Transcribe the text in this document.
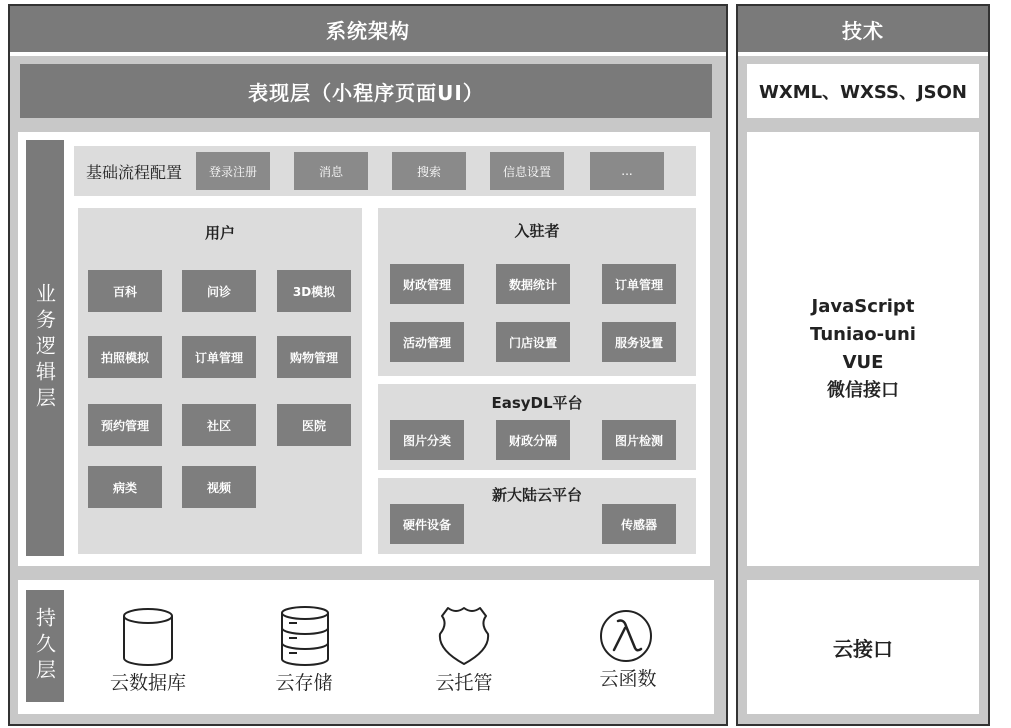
系统架构	技术
表现层（小程序页面UI）	WXML、WXSS、JSON
业务逻辑层
基础流程配置	登录注册	消息	搜索	信息设置	...
用户
百科	问诊	3D模拟
拍照模拟	订单管理	购物管理
预约管理	社区	医院
病类	视频
入驻者
财政管理	数据统计	订单管理
活动管理	门店设置	服务设置
EasyDL平台
图片分类	财政分隔	图片检测
新大陆云平台
硬件设备	传感器
JavaScript
Tuniao-uni
VUE
微信接口
持久层	云数据库	云存储	云托管	云函数
云接口
